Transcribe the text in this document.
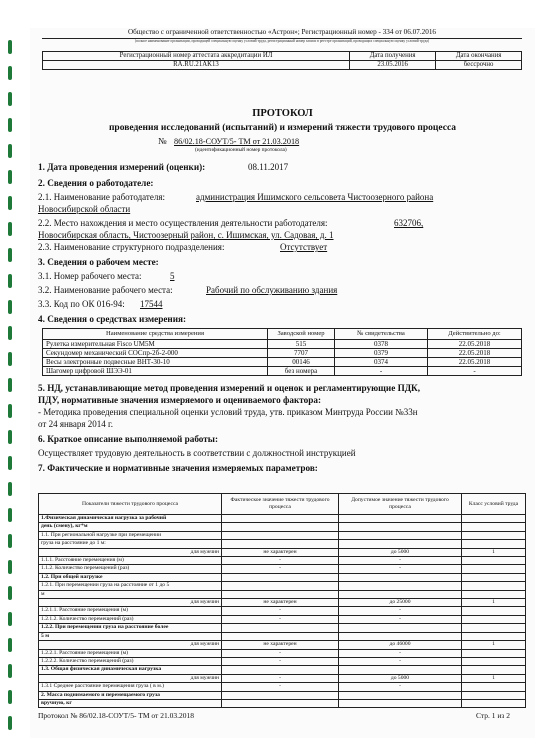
Общество с ограниченной ответственностью «Астрон»; Регистрационный номер - 334 от 06.07.2016
(полное наименование организации, проводящей специальную оценку условий труда, регистрационный номер записи в реестре организаций, проводящих специальную оценку условий труда)
Регистрационный номер аттестата аккредитации ИЛ	Дата получения	Дата окончания
RA.RU.21AK13	23.05.2016	бессрочно
ПРОТОКОЛ
проведения исследований (испытаний) и измерений тяжести трудового процесса
№ 86/02.18-СОУТ/5- ТМ от 21.03.2018
(идентификационный номер протокола)
1. Дата проведения измерений (оценки):	08.11.2017
2. Сведения о работодателе:
2.1. Наименование работодателя:	администрация Ишимского сельсовета Чистоозерного района
Новосибирской области
2.2. Место нахождения и место осуществления деятельности работодателя:	632706,
Новосибирская область, Чистоозерный район, с. Ишимская, ул. Садовая, д. 1
2.3. Наименование структурного подразделения:	Отсутствует
3. Сведения о рабочем месте:
3.1. Номер рабочего места:	5
3.2. Наименование рабочего места:	Рабочий по обслуживанию здания
3.3. Код по ОК 016-94: 17544
4. Сведения о средствах измерения:
Наименование средства измерения	Заводской номер	№ свидетельства	Действительно до:
Рулетка измерительная Fisco UM5M	515	0378	22.05.2018
Секундомер механический СОСпр-2б-2-000	7707	0379	22.05.2018
Весы электронные подвесные ВНТ-30-10	00146	0374	22.05.2018
Шагомер цифровой ШЭЭ-01	без номера	-	-
5. НД, устанавливающие метод проведения измерений и оценок и регламентирующие ПДК,
ПДУ, нормативные значения измеряемого и оцениваемого фактора:
- Методика проведения специальной оценки условий труда, утв. приказом Минтруда России №33н
от 24 января 2014 г.
6. Краткое описание выполняемой работы:
Осуществляет трудовую деятельность в соответствии с должностной инструкцией
7. Фактические и нормативные значения измеряемых параметров:
Показатели тяжести трудового процесса	Фактическое значение тяжести трудового процесса	Допустимое значение тяжести трудового процесса	Класс условий труда
1.Физическая динамическая нагрузка за рабочий			
день (смену), кг*м			
1.1. При региональной нагрузке при перемещении			
груза на расстояние до 1 м:			
для мужчин	не характерен	до 5000	1
1.1.1. Расстояние перемещения (м)	-	-	
1.1.2. Количество перемещений (раз)	-	-	
1.2. При общей нагрузке			
1.2.1. При перемещении груза на расстояние от 1 до 5			
м			
для мужчин	не характерен	до 25000	1
1.2.1.1. Расстояние перемещения (м)	-	-	
1.2.1.2. Количество перемещений (раз)	-	-	
1.2.2. При перемещении груза на расстояние более			
5 м			
для мужчин	не характерен	до 46000	1
1.2.2.1. Расстояние перемещения (м)	-	-	
1.2.2.2. Количество перемещений (раз)	-	-	
1.3. Общая физическая динамическая нагрузка			
для мужчин	-	до 5000	1
1.3.1 Среднее расстояние перемещения груза ( в м.)	-	-	
2. Масса поднимаемого и перемещаемого груза			
вручную, кг			
Протокол № 86/02.18-СОУТ/5- ТМ от 21.03.2018	Стр. 1 из 2
